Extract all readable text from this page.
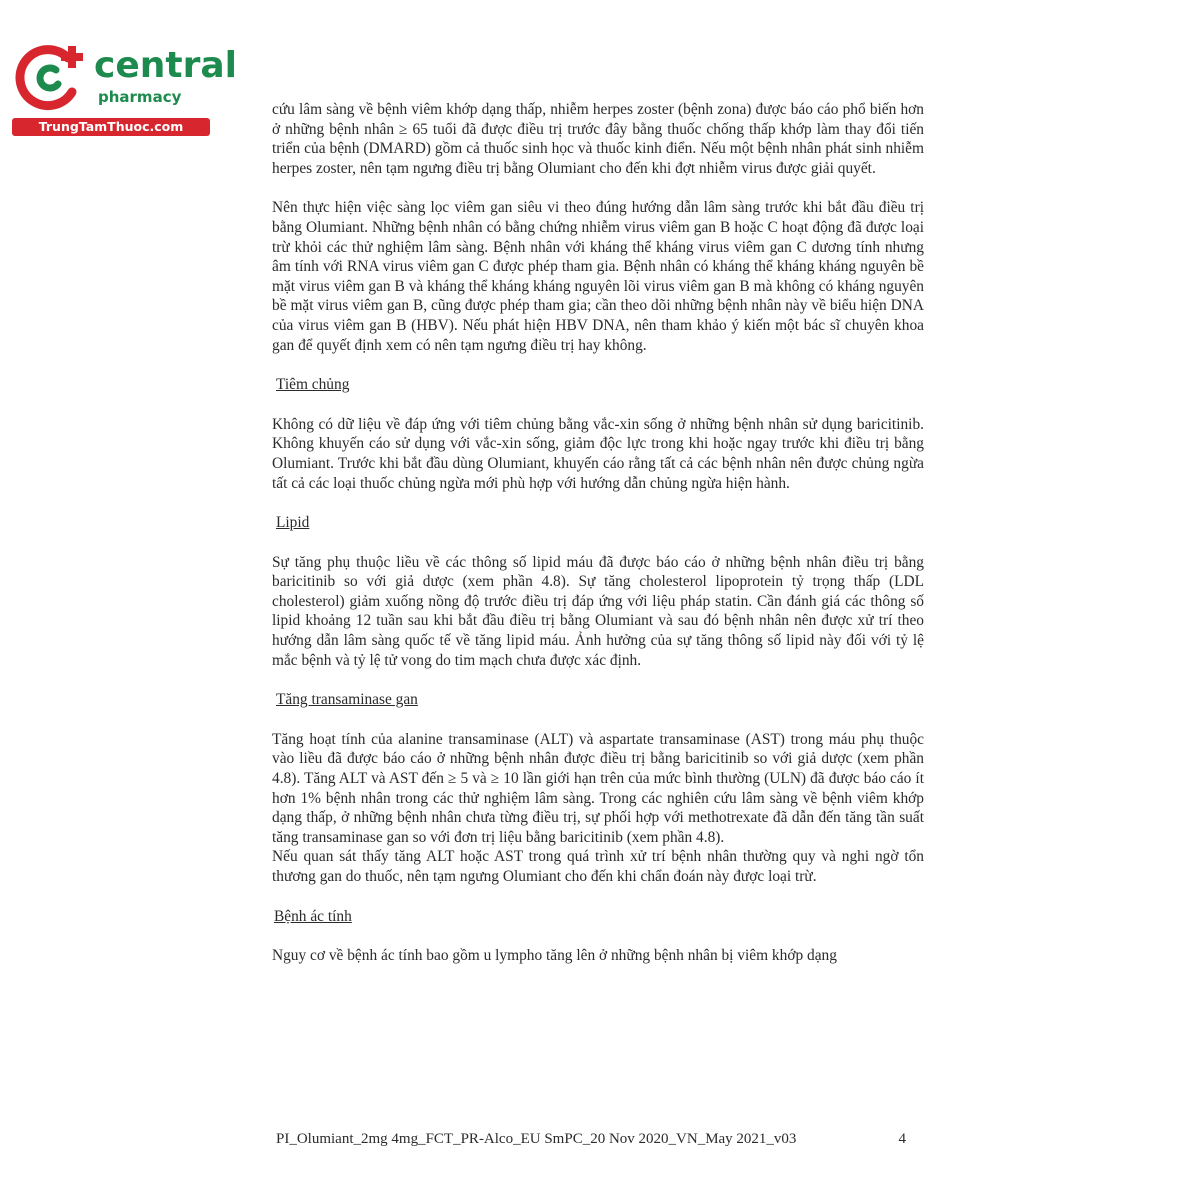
central
pharmacy
TrungTamThuoc.com

cứu lâm sàng về bệnh viêm khớp dạng thấp, nhiễm herpes zoster (bệnh zona) được báo cáo phổ biến hơn ở những bệnh nhân ≥ 65 tuổi đã được điều trị trước đây bằng thuốc chống thấp khớp làm thay đổi tiến triển của bệnh (DMARD) gồm cả thuốc sinh học và thuốc kinh điển. Nếu một bệnh nhân phát sinh nhiễm herpes zoster, nên tạm ngưng điều trị bằng Olumiant cho đến khi đợt nhiễm virus được giải quyết.

Nên thực hiện việc sàng lọc viêm gan siêu vi theo đúng hướng dẫn lâm sàng trước khi bắt đầu điều trị bằng Olumiant. Những bệnh nhân có bằng chứng nhiễm virus viêm gan B hoặc C hoạt động đã được loại trừ khỏi các thử nghiệm lâm sàng. Bệnh nhân với kháng thể kháng virus viêm gan C dương tính nhưng âm tính với RNA virus viêm gan C được phép tham gia. Bệnh nhân có kháng thể kháng kháng nguyên bề mặt virus viêm gan B và kháng thể kháng kháng nguyên lõi virus viêm gan B mà không có kháng nguyên bề mặt virus viêm gan B, cũng được phép tham gia; cần theo dõi những bệnh nhân này về biểu hiện DNA của virus viêm gan B (HBV). Nếu phát hiện HBV DNA, nên tham khảo ý kiến một bác sĩ chuyên khoa gan để quyết định xem có nên tạm ngưng điều trị hay không.

Tiêm chủng

Không có dữ liệu về đáp ứng với tiêm chủng bằng vắc-xin sống ở những bệnh nhân sử dụng baricitinib. Không khuyến cáo sử dụng với vắc-xin sống, giảm độc lực trong khi hoặc ngay trước khi điều trị bằng Olumiant. Trước khi bắt đầu dùng Olumiant, khuyến cáo rằng tất cả các bệnh nhân nên được chủng ngừa tất cả các loại thuốc chủng ngừa mới phù hợp với hướng dẫn chủng ngừa hiện hành.

Lipid

Sự tăng phụ thuộc liều về các thông số lipid máu đã được báo cáo ở những bệnh nhân điều trị bằng baricitinib so với giả dược (xem phần 4.8). Sự tăng cholesterol lipoprotein tỷ trọng thấp (LDL cholesterol) giảm xuống nồng độ trước điều trị đáp ứng với liệu pháp statin. Cần đánh giá các thông số lipid khoảng 12 tuần sau khi bắt đầu điều trị bằng Olumiant và sau đó bệnh nhân nên được xử trí theo hướng dẫn lâm sàng quốc tế về tăng lipid máu. Ảnh hưởng của sự tăng thông số lipid này đối với tỷ lệ mắc bệnh và tỷ lệ tử vong do tim mạch chưa được xác định.

Tăng transaminase gan

Tăng hoạt tính của alanine transaminase (ALT) và aspartate transaminase (AST) trong máu phụ thuộc vào liều đã được báo cáo ở những bệnh nhân được điều trị bằng baricitinib so với giả dược (xem phần 4.8). Tăng ALT và AST đến ≥ 5 và ≥ 10 lần giới hạn trên của mức bình thường (ULN) đã được báo cáo ít hơn 1% bệnh nhân trong các thử nghiệm lâm sàng. Trong các nghiên cứu lâm sàng về bệnh viêm khớp dạng thấp, ở những bệnh nhân chưa từng điều trị, sự phối hợp với methotrexate đã dẫn đến tăng tần suất tăng transaminase gan so với đơn trị liệu bằng baricitinib (xem phần 4.8).

Nếu quan sát thấy tăng ALT hoặc AST trong quá trình xử trí bệnh nhân thường quy và nghi ngờ tổn thương gan do thuốc, nên tạm ngưng Olumiant cho đến khi chẩn đoán này được loại trừ.

Bệnh ác tính

Nguy cơ về bệnh ác tính bao gồm u lympho tăng lên ở những bệnh nhân bị viêm khớp dạng

PI_Olumiant_2mg 4mg_FCT_PR-Alco_EU SmPC_20 Nov 2020_VN_May 2021_v03	4
